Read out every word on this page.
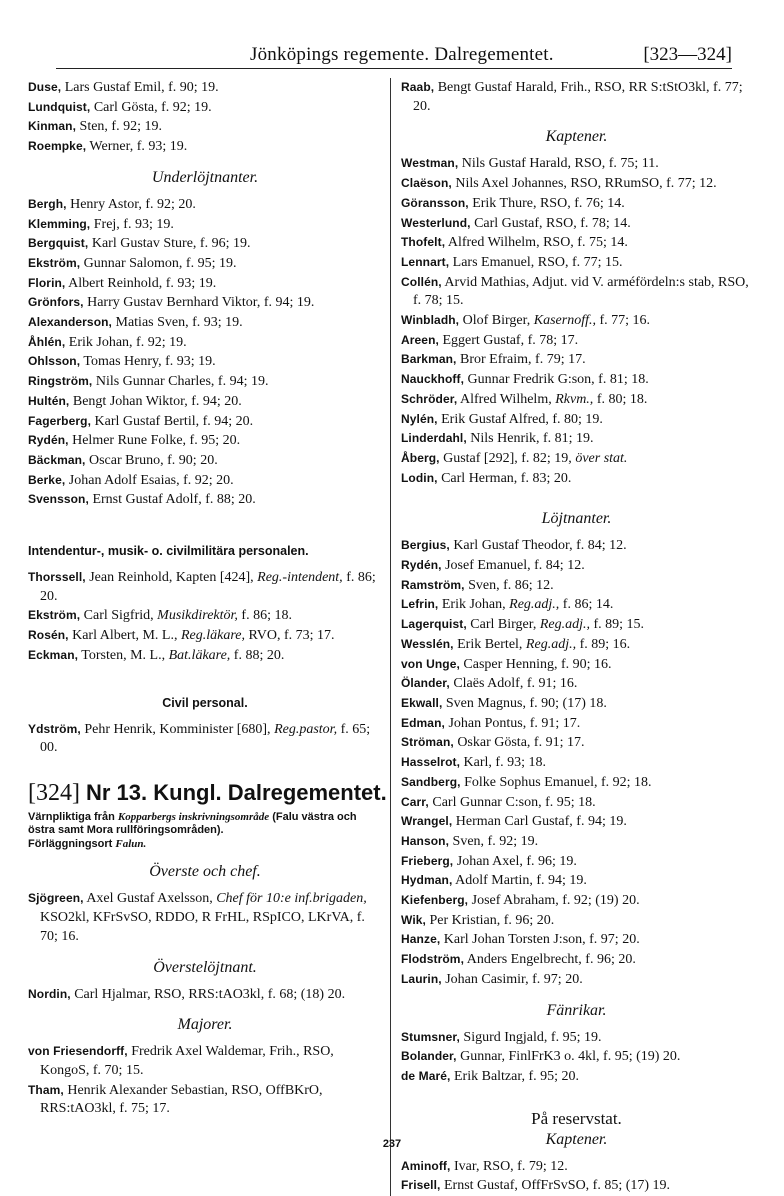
Jönköpings regemente. Dalregementet.	[323—324]
Duse, Lars Gustaf Emil, f. 90; 19.
Lundquist, Carl Gösta, f. 92; 19.
Kinman, Sten, f. 92; 19.
Roempke, Werner, f. 93; 19.
Underlöjtnanter.
Bergh, Henry Astor, f. 92; 20.
Klemming, Frej, f. 93; 19.
Bergquist, Karl Gustav Sture, f. 96; 19.
Ekström, Gunnar Salomon, f. 95; 19.
Florin, Albert Reinhold, f. 93; 19.
Grönfors, Harry Gustav Bernhard Viktor, f. 94; 19.
Alexanderson, Matias Sven, f. 93; 19.
Åhlén, Erik Johan, f. 92; 19.
Ohlsson, Tomas Henry, f. 93; 19.
Ringström, Nils Gunnar Charles, f. 94; 19.
Hultén, Bengt Johan Wiktor, f. 94; 20.
Fagerberg, Karl Gustaf Bertil, f. 94; 20.
Rydén, Helmer Rune Folke, f. 95; 20.
Bäckman, Oscar Bruno, f. 90; 20.
Berke, Johan Adolf Esaias, f. 92; 20.
Svensson, Ernst Gustaf Adolf, f. 88; 20.
Intendentur-, musik- o. civilmilitära personalen.
Thorssell, Jean Reinhold, Kapten [424], Reg.-intendent, f. 86; 20.
Ekström, Carl Sigfrid, Musikdirektör, f. 86; 18.
Rosén, Karl Albert, M. L., Reg.läkare, RVO, f. 73; 17.
Eckman, Torsten, M. L., Bat.läkare, f. 88; 20.
Civil personal.
Ydström, Pehr Henrik, Komminister [680], Reg.pastor, f. 65; 00.
[324] Nr 13. Kungl. Dalregementet.
Värnpliktiga från Kopparbergs inskrivningsområde (Falu västra och östra samt Mora rullföringsområden).
Förläggningsort Falun.
Överste och chef.
Sjögreen, Axel Gustaf Axelsson, Chef för 10:e inf.brigaden, KSO2kl, KFrSvSO, RDDO, R FrHL, RSpICO, LKrVA, f. 70; 16.
Överstelöjtnant.
Nordin, Carl Hjalmar, RSO, RRS:tAO3kl, f. 68; (18) 20.
Majorer.
von Friesendorff, Fredrik Axel Waldemar, Frih., RSO, KongoS, f. 70; 15.
Tham, Henrik Alexander Sebastian, RSO, OffBKrO, RRS:tAO3kl, f. 75; 17.
Raab, Bengt Gustaf Harald, Frih., RSO, RR S:tStO3kl, f. 77; 20.
Kaptener.
Westman, Nils Gustaf Harald, RSO, f. 75; 11.
Claëson, Nils Axel Johannes, RSO, RRumSO, f. 77; 12.
Göransson, Erik Thure, RSO, f. 76; 14.
Westerlund, Carl Gustaf, RSO, f. 78; 14.
Thofelt, Alfred Wilhelm, RSO, f. 75; 14.
Lennart, Lars Emanuel, RSO, f. 77; 15.
Collén, Arvid Mathias, Adjut. vid V. arméfördeln:s stab, RSO, f. 78; 15.
Winbladh, Olof Birger, Kasernoff., f. 77; 16.
Areen, Eggert Gustaf, f. 78; 17.
Barkman, Bror Efraim, f. 79; 17.
Nauckhoff, Gunnar Fredrik G:son, f. 81; 18.
Schröder, Alfred Wilhelm, Rkvm., f. 80; 18.
Nylén, Erik Gustaf Alfred, f. 80; 19.
Linderdahl, Nils Henrik, f. 81; 19.
Åberg, Gustaf [292], f. 82; 19, över stat.
Lodin, Carl Herman, f. 83; 20.
Löjtnanter.
Bergius, Karl Gustaf Theodor, f. 84; 12.
Rydén, Josef Emanuel, f. 84; 12.
Ramström, Sven, f. 86; 12.
Lefrin, Erik Johan, Reg.adj., f. 86; 14.
Lagerquist, Carl Birger, Reg.adj., f. 89; 15.
Wesslén, Erik Bertel, Reg.adj., f. 89; 16.
von Unge, Casper Henning, f. 90; 16.
Ölander, Claës Adolf, f. 91; 16.
Ekwall, Sven Magnus, f. 90; (17) 18.
Edman, Johan Pontus, f. 91; 17.
Ströman, Oskar Gösta, f. 91; 17.
Hasselrot, Karl, f. 93; 18.
Sandberg, Folke Sophus Emanuel, f. 92; 18.
Carr, Carl Gunnar C:son, f. 95; 18.
Wrangel, Herman Carl Gustaf, f. 94; 19.
Hanson, Sven, f. 92; 19.
Frieberg, Johan Axel, f. 96; 19.
Hydman, Adolf Martin, f. 94; 19.
Kiefenberg, Josef Abraham, f. 92; (19) 20.
Wik, Per Kristian, f. 96; 20.
Hanze, Karl Johan Torsten J:son, f. 97; 20.
Flodström, Anders Engelbrecht, f. 96; 20.
Laurin, Johan Casimir, f. 97; 20.
Fänrikar.
Stumsner, Sigurd Ingjald, f. 95; 19.
Bolander, Gunnar, FinlFrK3 o. 4kl, f. 95; (19) 20.
de Maré, Erik Baltzar, f. 95; 20.
På reservstat.
Kaptener.
Aminoff, Ivar, RSO, f. 79; 12.
Frisell, Ernst Gustaf, OffFrSvSO, f. 85; (17) 19.
237
